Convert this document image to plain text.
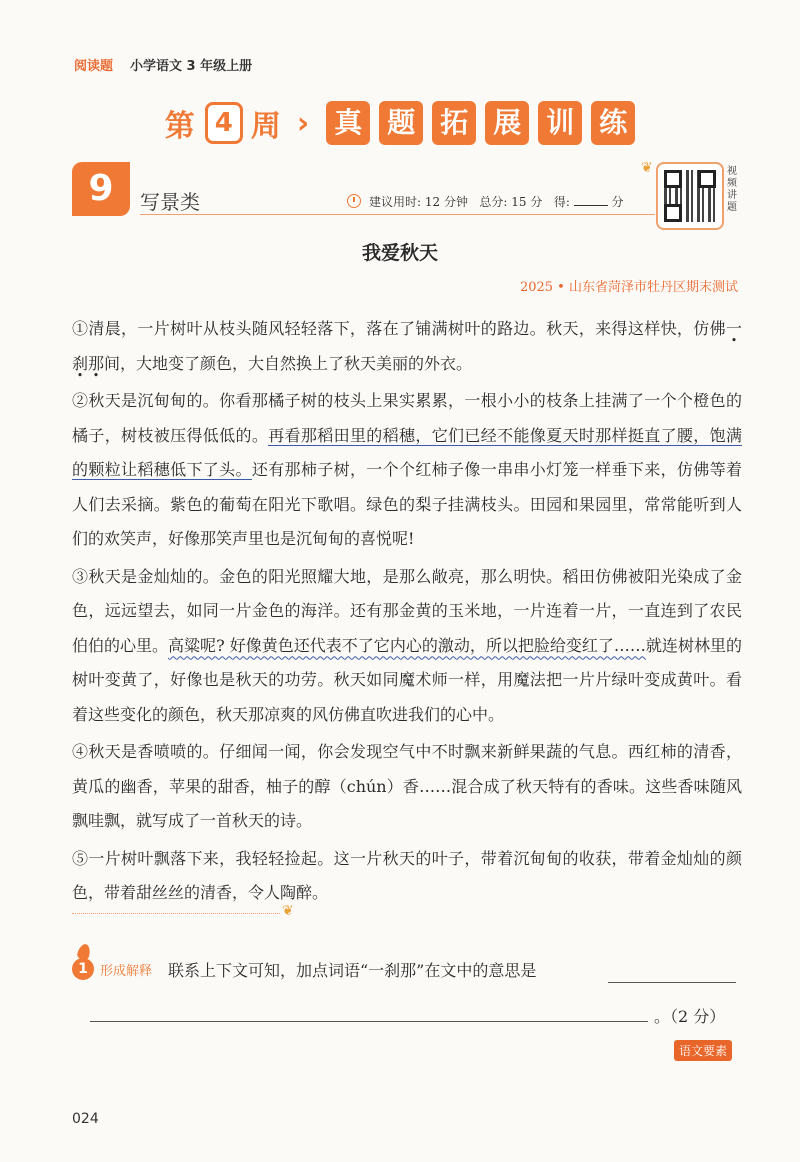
阅读题 小学语文 3 年级上册
第 4 周 › 真 题 拓 展 训 练
9	写景类	建议用时: 12 分钟 总分: 15 分 得:	分
❦	视频讲题
我爱秋天
2025 • 山东省菏泽市牡丹区期末测试

①清晨，一片树叶从枝头随风轻轻落下，落在了铺满树叶的路边。秋天，来得这样快，仿佛一刹那间，大地变了颜色，大自然换上了秋天美丽的外衣。

②秋天是沉甸甸的。你看那橘子树的枝头上果实累累，一根小小的枝条上挂满了一个个橙色的橘子，树枝被压得低低的。再看那稻田里的稻穗，它们已经不能像夏天时那样挺直了腰，饱满的颗粒让稻穗低下了头。还有那柿子树，一个个红柿子像一串串小灯笼一样垂下来，仿佛等着人们去采摘。紫色的葡萄在阳光下歌唱。绿色的梨子挂满枝头。田园和果园里，常常能听到人们的欢笑声，好像那笑声里也是沉甸甸的喜悦呢!

③秋天是金灿灿的。金色的阳光照耀大地，是那么敞亮，那么明快。稻田仿佛被阳光染成了金色，远远望去，如同一片金色的海洋。还有那金黄的玉米地，一片连着一片，一直连到了农民伯伯的心里。高粱呢? 好像黄色还代表不了它内心的激动，所以把脸给变红了……就连树林里的树叶变黄了，好像也是秋天的功劳。秋天如同魔术师一样，用魔法把一片片绿叶变成黄叶。看着这些变化的颜色，秋天那凉爽的风仿佛直吹进我们的心中。

④秋天是香喷喷的。仔细闻一闻，你会发现空气中不时飘来新鲜果蔬的气息。西红柿的清香，黄瓜的幽香，苹果的甜香，柚子的醇（chún）香……混合成了秋天特有的香味。这些香味随风飘哇飘，就写成了一首秋天的诗。

⑤一片树叶飘落下来，我轻轻捡起。这一片秋天的叶子，带着沉甸甸的收获，带着金灿灿的颜色，带着甜丝丝的清香，令人陶醉。

❦
1 形成解释 联系上下文可知，加点词语“一刹那”在文中的意思是
。（2 分）
语文要素
024
